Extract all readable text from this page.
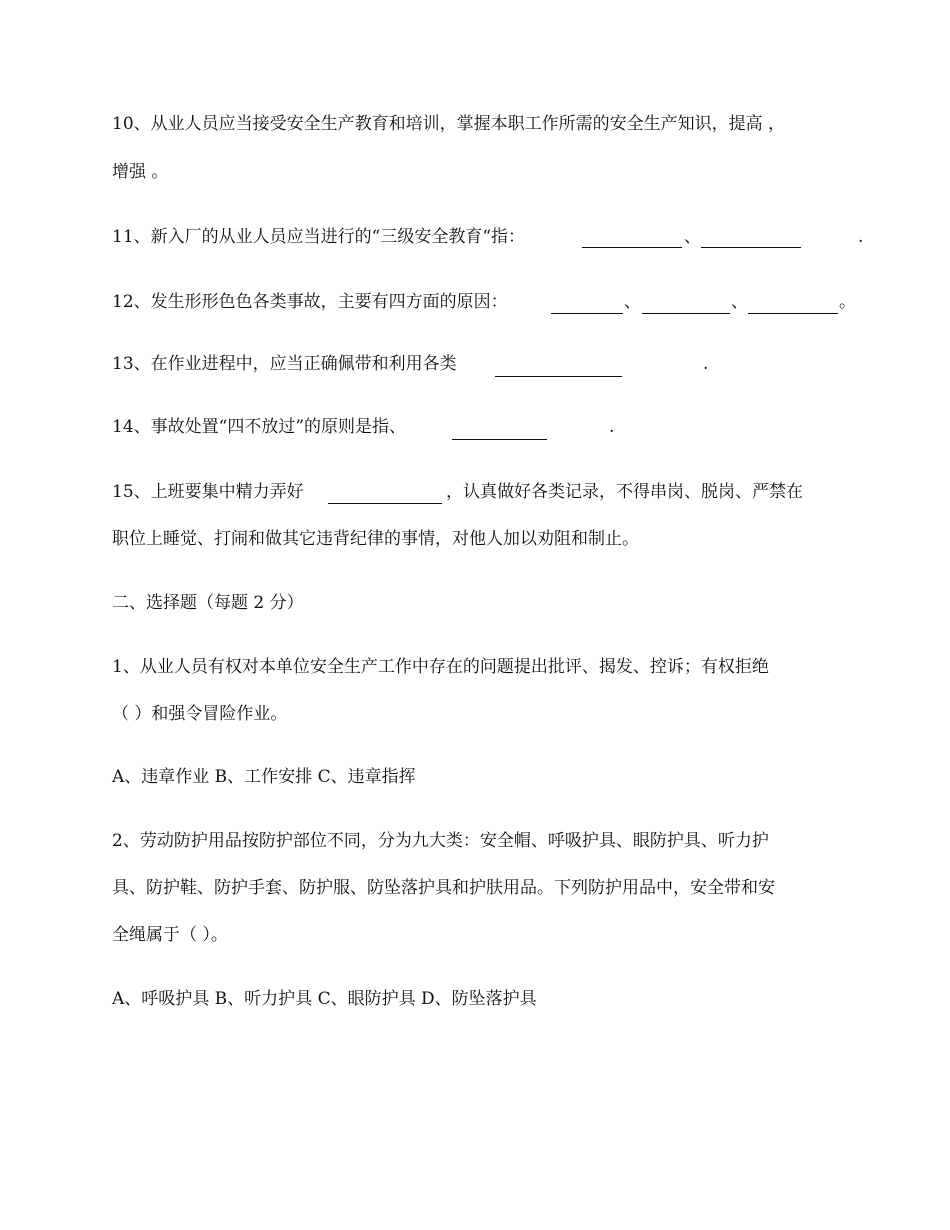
10、从业人员应当接受安全生产教育和培训，掌握本职工作所需的安全生产知识，提高 ，
增强 。
11、新入厂的从业人员应当进行的“三级安全教育“指：	、	.
12、发生形形色色各类事故，主要有四方面的原因：	、	、	。
13、在作业进程中，应当正确佩带和利用各类	.
14、事故处置“四不放过”的原则是指、	.
15、上班要集中精力弄好	，认真做好各类记录，不得串岗、脱岗、严禁在
职位上睡觉、打闹和做其它违背纪律的事情，对他人加以劝阻和制止。
二、选择题（每题 2 分）
1、从业人员有权对本单位安全生产工作中存在的问题提出批评、揭发、控诉；有权拒绝
（ ）和强令冒险作业。
A、违章作业 B、工作安排 C、违章指挥
2、劳动防护用品按防护部位不同，分为九大类：安全帽、呼吸护具、眼防护具、听力护
具、防护鞋、防护手套、防护服、防坠落护具和护肤用品。下列防护用品中，安全带和安
全绳属于（ ）。
A、呼吸护具 B、听力护具 C、眼防护具 D、防坠落护具
